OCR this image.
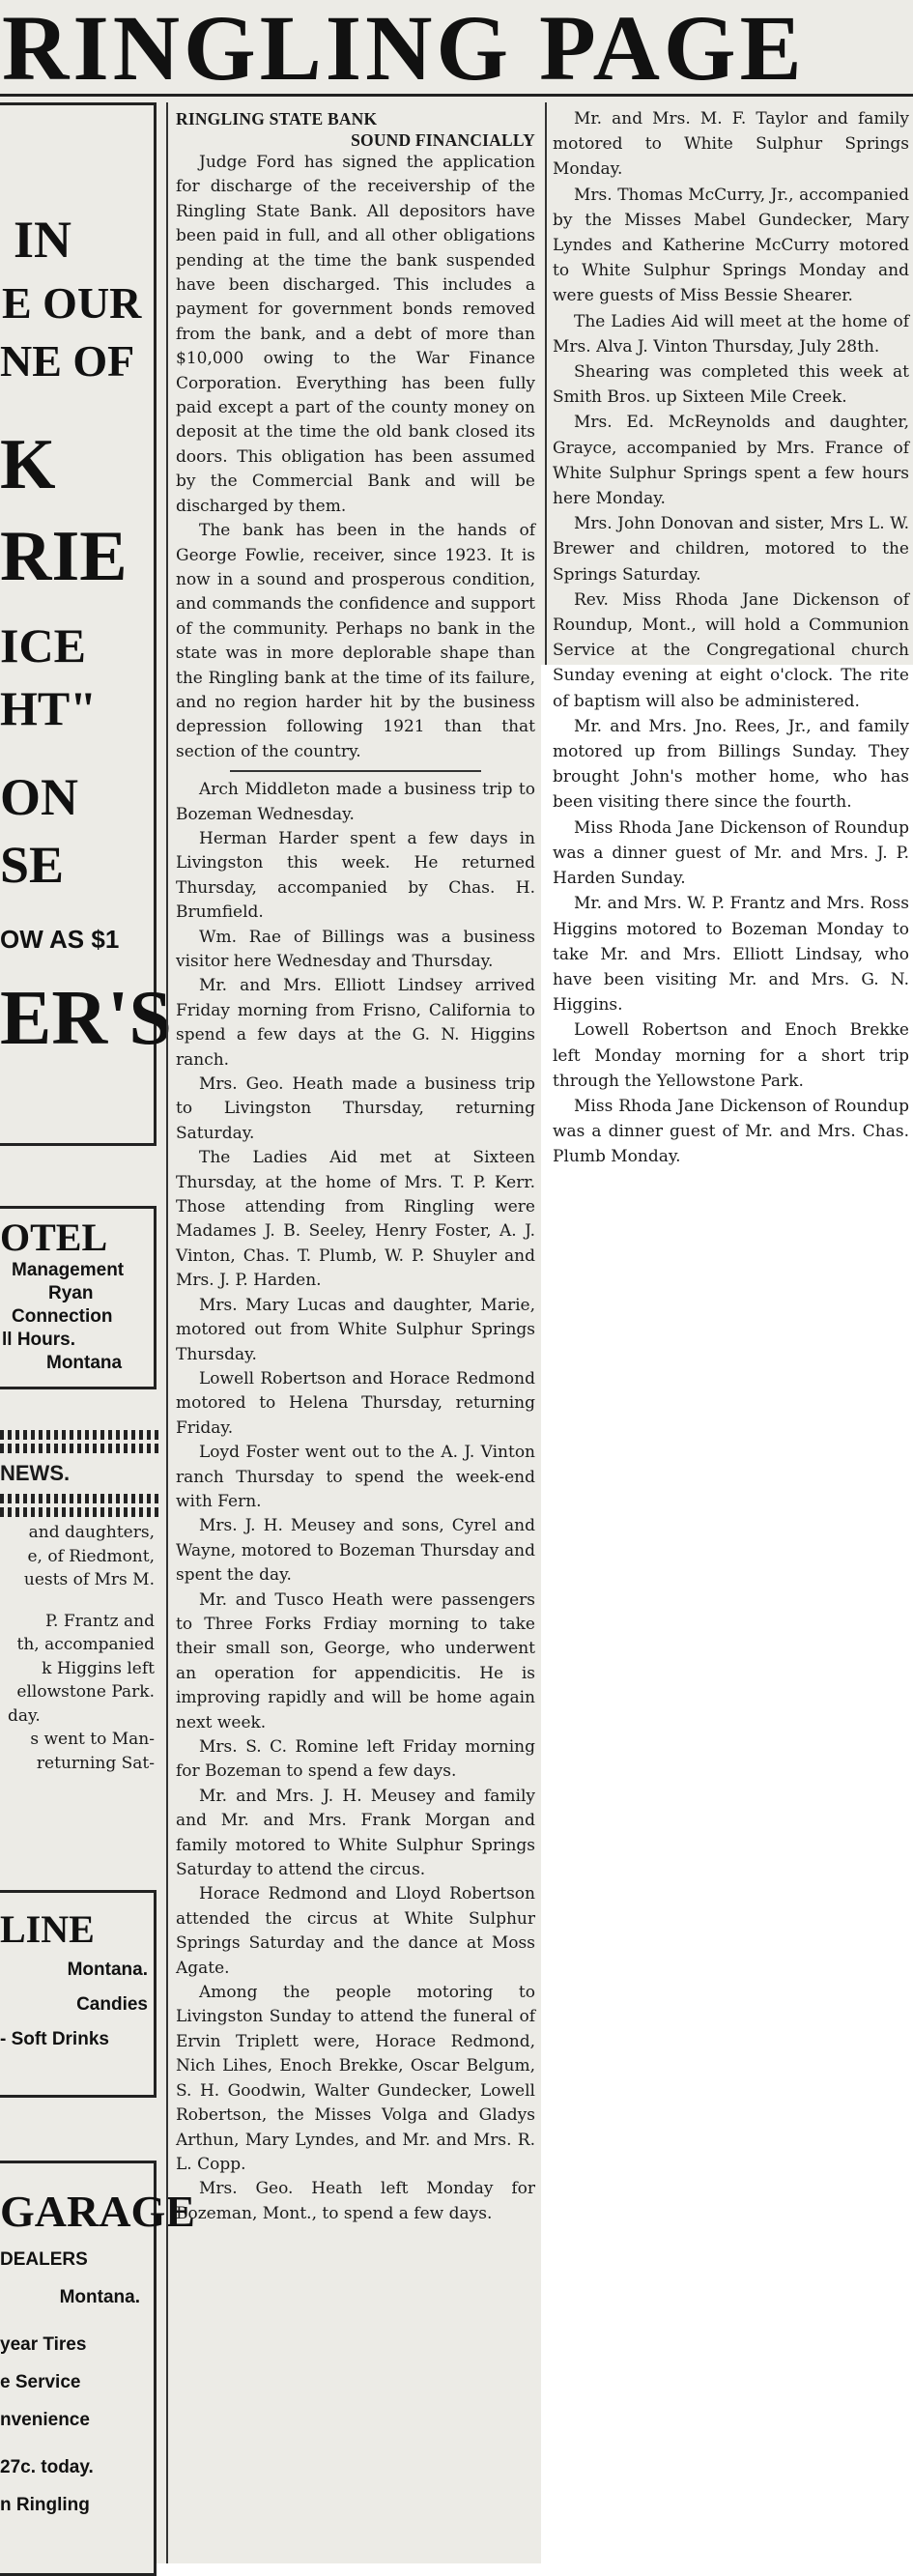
RINGLING PAGE
IN
E OUR
NE OF
K
RIE
ICE
HT"
ON
SE
OW AS $1
ER'S
OTEL
Management
Ryan
Connection
ll Hours.
Montana
NEWS.

and daughters,

e, of Riedmont,

uests of Mrs M.

P. Frantz and

th, accompanied

k Higgins left

ellowstone Park.

day.

s went to Man-

returning Sat-

LINE
Montana.
Candies
- Soft Drinks
GARAGE
DEALERS
Montana.
year Tires
e Service
nvenience
27c. today.
n Ringling
RINGLING STATE BANK
SOUND FINANCIALLY

Judge Ford has signed the application for discharge of the receivership of the Ringling State Bank. All depositors have been paid in full, and all other obligations pending at the time the bank suspended have been discharged. This includes a payment for government bonds removed from the bank, and a debt of more than $10,000 owing to the War Finance Corporation. Everything has been fully paid except a part of the county money on deposit at the time the old bank closed its doors. This obligation has been assumed by the Commercial Bank and will be discharged by them.

The bank has been in the hands of George Fowlie, receiver, since 1923. It is now in a sound and prosperous condition, and commands the confidence and support of the community. Perhaps no bank in the state was in more deplorable shape than the Ringling bank at the time of its failure, and no region harder hit by the business depression following 1921 than that section of the country.

Arch Middleton made a business trip to Bozeman Wednesday.

Herman Harder spent a few days in Livingston this week. He returned Thursday, accompanied by Chas. H. Brumfield.

Wm. Rae of Billings was a business visitor here Wednesday and Thursday.

Mr. and Mrs. Elliott Lindsey arrived Friday morning from Frisno, California to spend a few days at the G. N. Higgins ranch.

Mrs. Geo. Heath made a business trip to Livingston Thursday, returning Saturday.

The Ladies Aid met at Sixteen Thursday, at the home of Mrs. T. P. Kerr. Those attending from Ringling were Madames J. B. Seeley, Henry Foster, A. J. Vinton, Chas. T. Plumb, W. P. Shuyler and Mrs. J. P. Harden.

Mrs. Mary Lucas and daughter, Marie, motored out from White Sulphur Springs Thursday.

Lowell Robertson and Horace Redmond motored to Helena Thursday, returning Friday.

Loyd Foster went out to the A. J. Vinton ranch Thursday to spend the week-end with Fern.

Mrs. J. H. Meusey and sons, Cyrel and Wayne, motored to Bozeman Thursday and spent the day.

Mr. and Tusco Heath were passengers to Three Forks Frdiay morning to take their small son, George, who underwent an operation for appendicitis. He is improving rapidly and will be home again next week.

Mrs. S. C. Romine left Friday morning for Bozeman to spend a few days.

Mr. and Mrs. J. H. Meusey and family and Mr. and Mrs. Frank Morgan and family motored to White Sulphur Springs Saturday to attend the circus.

Horace Redmond and Lloyd Robertson attended the circus at White Sulphur Springs Saturday and the dance at Moss Agate.

Among the people motoring to Livingston Sunday to attend the funeral of Ervin Triplett were, Horace Redmond, Nich Lihes, Enoch Brekke, Oscar Belgum, S. H. Goodwin, Walter Gundecker, Lowell Robertson, the Misses Volga and Gladys Arthun, Mary Lyndes, and Mr. and Mrs. R. L. Copp.

Mrs. Geo. Heath left Monday for Bozeman, Mont., to spend a few days.

Mr. and Mrs. M. F. Taylor and family motored to White Sulphur Springs Monday.

Mrs. Thomas McCurry, Jr., accompanied by the Misses Mabel Gundecker, Mary Lyndes and Katherine McCurry motored to White Sulphur Springs Monday and were guests of Miss Bessie Shearer.

The Ladies Aid will meet at the home of Mrs. Alva J. Vinton Thursday, July 28th.

Shearing was completed this week at Smith Bros. up Sixteen Mile Creek.

Mrs. Ed. McReynolds and daughter, Grayce, accompanied by Mrs. France of White Sulphur Springs spent a few hours here Monday.

Mrs. John Donovan and sister, Mrs L. W. Brewer and children, motored to the Springs Saturday.

Rev. Miss Rhoda Jane Dickenson of Roundup, Mont., will hold a Communion Service at the Congregational church Sunday evening at eight o'clock. The rite of baptism will also be administered.

Mr. and Mrs. Jno. Rees, Jr., and family motored up from Billings Sunday. They brought John's mother home, who has been visiting there since the fourth.

Miss Rhoda Jane Dickenson of Roundup was a dinner guest of Mr. and Mrs. J. P. Harden Sunday.

Mr. and Mrs. W. P. Frantz and Mrs. Ross Higgins motored to Bozeman Monday to take Mr. and Mrs. Elliott Lindsay, who have been visiting Mr. and Mrs. G. N. Higgins.

Lowell Robertson and Enoch Brekke left Monday morning for a short trip through the Yellowstone Park.

Miss Rhoda Jane Dickenson of Roundup was a dinner guest of Mr. and Mrs. Chas. Plumb Monday.
